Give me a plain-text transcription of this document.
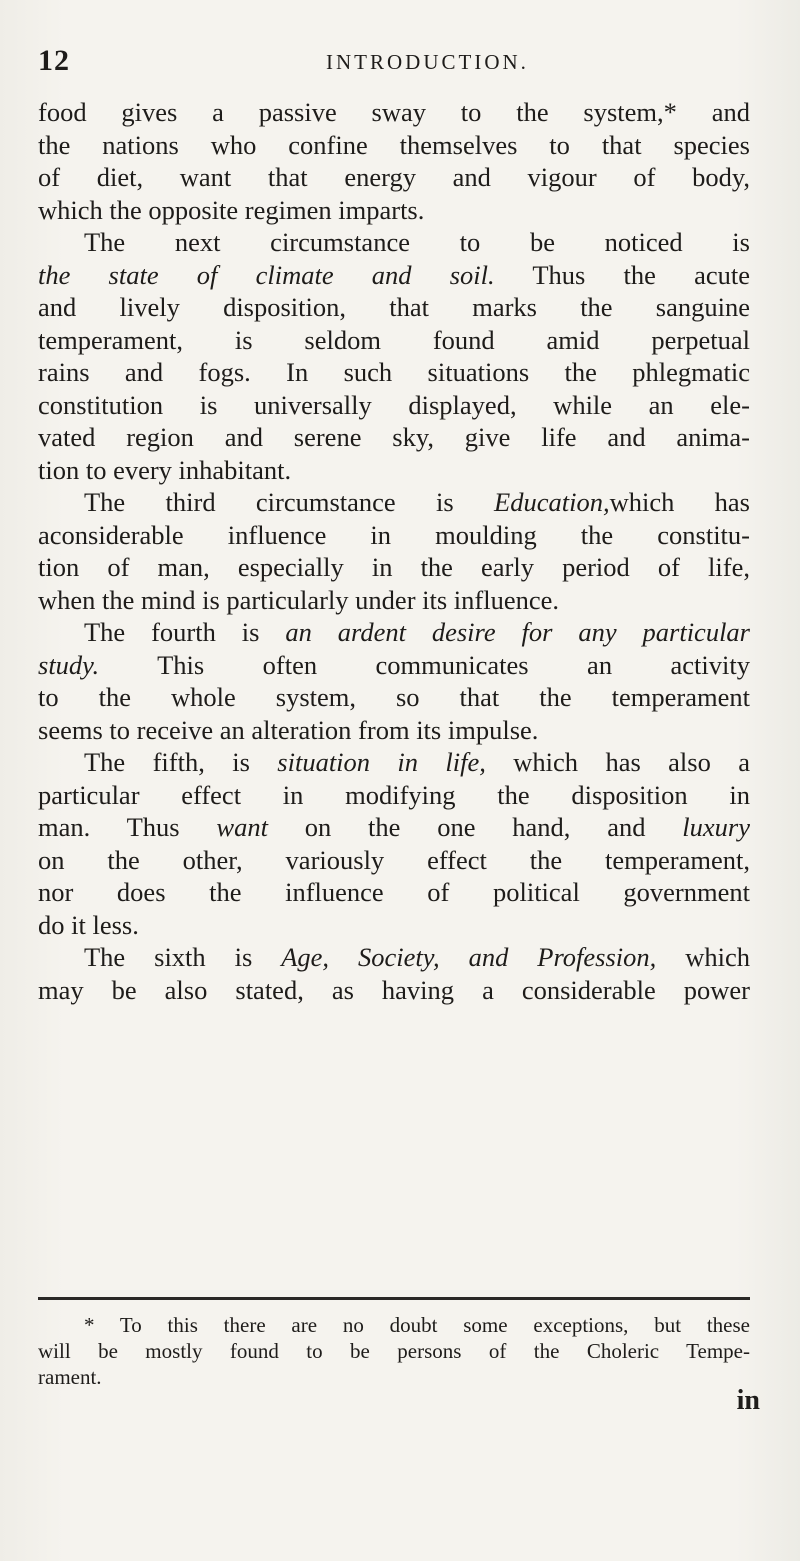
12	INTRODUCTION.

food gives a passive sway to the system,* and
the nations who confine themselves to that species
of diet, want that energy and vigour of body,
which the opposite regimen imparts.

The next circumstance to be noticed is
the state of climate and soil. Thus the acute
and lively disposition, that marks the sanguine
temperament, is seldom found amid perpetual
rains and fogs. In such situations the phlegmatic
constitution is universally displayed, while an ele-
vated region and serene sky, give life and anima-
tion to every inhabitant.

The third circumstance is Education,which has
aconsiderable influence in moulding the constitu-
tion of man, especially in the early period of life,
when the mind is particularly under its influence.

The fourth is an ardent desire for any particular
study. This often communicates an activity
to the whole system, so that the temperament
seems to receive an alteration from its impulse.

The fifth, is situation in life, which has also a
particular effect in modifying the disposition in
man. Thus want on the one hand, and luxury
on the other, variously effect the temperament,
nor does the influence of political government
do it less.

The sixth is Age, Society, and Profession, which
may be also stated, as having a considerable power

* To this there are no doubt some exceptions, but these
will be mostly found to be persons of the Choleric Tempe-
rament.
in
